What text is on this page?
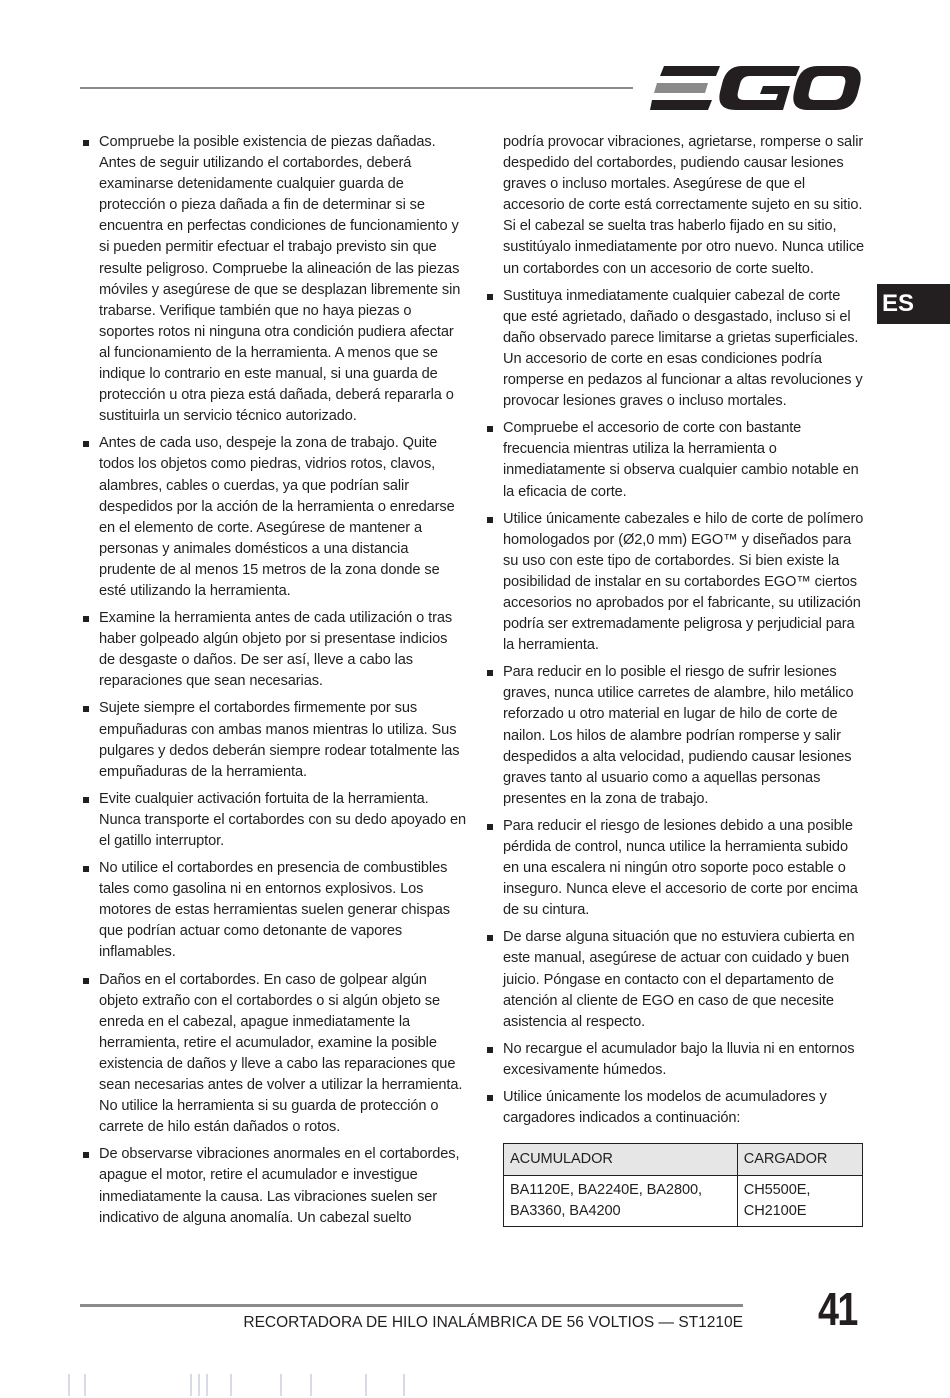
ES
Compruebe la posible existencia de piezas dañadas. Antes de seguir utilizando el cortabordes, deberá examinarse detenidamente cualquier guarda de protección o pieza dañada a fin de determinar si se encuentra en perfectas condiciones de funcionamiento y si pueden permitir efectuar el trabajo previsto sin que resulte peligroso. Compruebe la alineación de las piezas móviles y asegúrese de que se desplazan libremente sin trabarse. Verifique también que no haya piezas o soportes rotos ni ninguna otra condición pudiera afectar al funcionamiento de la herramienta. A menos que se indique lo contrario en este manual, si una guarda de protección u otra pieza está dañada, deberá repararla o sustituirla un servicio técnico autorizado.
Antes de cada uso, despeje la zona de trabajo. Quite todos los objetos como piedras, vidrios rotos, clavos, alambres, cables o cuerdas, ya que podrían salir despedidos por la acción de la herramienta o enredarse en el elemento de corte. Asegúrese de mantener a personas y animales domésticos a una distancia prudente de al menos 15 metros de la zona donde se esté utilizando la herramienta.
Examine la herramienta antes de cada utilización o tras haber golpeado algún objeto por si presentase indicios de desgaste o daños. De ser así, lleve a cabo las reparaciones que sean necesarias.
Sujete siempre el cortabordes firmemente por sus empuñaduras con ambas manos mientras lo utiliza. Sus pulgares y dedos deberán siempre rodear totalmente las empuñaduras de la herramienta.
Evite cualquier activación fortuita de la herramienta. Nunca transporte el cortabordes con su dedo apoyado en el gatillo interruptor.
No utilice el cortabordes en presencia de combustibles tales como gasolina ni en entornos explosivos. Los motores de estas herramientas suelen generar chispas que podrían actuar como detonante de vapores inflamables.
Daños en el cortabordes. En caso de golpear algún objeto extraño con el cortabordes o si algún objeto se enreda en el cabezal, apague inmediatamente la herramienta, retire el acumulador, examine la posible existencia de daños y lleve a cabo las reparaciones que sean necesarias antes de volver a utilizar la herramienta. No utilice la herramienta si su guarda de protección o carrete de hilo están dañados o rotos.
De observarse vibraciones anormales en el cortabordes, apague el motor, retire el acumulador e investigue inmediatamente la causa. Las vibraciones suelen ser indicativo de alguna anomalía. Un cabezal suelto

podría provocar vibraciones, agrietarse, romperse o salir despedido del cortabordes, pudiendo causar lesiones graves o incluso mortales. Asegúrese de que el accesorio de corte está correctamente sujeto en su sitio. Si el cabezal se suelta tras haberlo fijado en su sitio, sustitúyalo inmediatamente por otro nuevo. Nunca utilice un cortabordes con un accesorio de corte suelto.

Sustituya inmediatamente cualquier cabezal de corte que esté agrietado, dañado o desgastado, incluso si el daño observado parece limitarse a grietas superficiales. Un accesorio de corte en esas condiciones podría romperse en pedazos al funcionar a altas revoluciones y provocar lesiones graves o incluso mortales.
Compruebe el accesorio de corte con bastante frecuencia mientras utiliza la herramienta o inmediatamente si observa cualquier cambio notable en la eficacia de corte.
Utilice únicamente cabezales e hilo de corte de polímero homologados por (Ø2,0 mm) EGO™ y diseñados para su uso con este tipo de cortabordes. Si bien existe la posibilidad de instalar en su cortabordes EGO™ ciertos accesorios no aprobados por el fabricante, su utilización podría ser extremadamente peligrosa y perjudicial para la herramienta.
Para reducir en lo posible el riesgo de sufrir lesiones graves, nunca utilice carretes de alambre, hilo metálico reforzado u otro material en lugar de hilo de corte de nailon. Los hilos de alambre podrían romperse y salir despedidos a alta velocidad, pudiendo causar lesiones graves tanto al usuario como a aquellas personas presentes en la zona de trabajo.
Para reducir el riesgo de lesiones debido a una posible pérdida de control, nunca utilice la herramienta subido en una escalera ni ningún otro soporte poco estable o inseguro. Nunca eleve el accesorio de corte por encima de su cintura.
De darse alguna situación que no estuviera cubierta en este manual, asegúrese de actuar con cuidado y buen juicio. Póngase en contacto con el departamento de atención al cliente de EGO en caso de que necesite asistencia al respecto.
No recargue el acumulador bajo la lluvia ni en entornos excesivamente húmedos.
Utilice únicamente los modelos de acumuladores y cargadores indicados a continuación:
ACUMULADOR	CARGADOR
BA1120E, BA2240E, BA2800, BA3360, BA4200	CH5500E, CH2100E
RECORTADORA DE HILO INALÁMBRICA DE 56 VOLTIOS — ST1210E 41
